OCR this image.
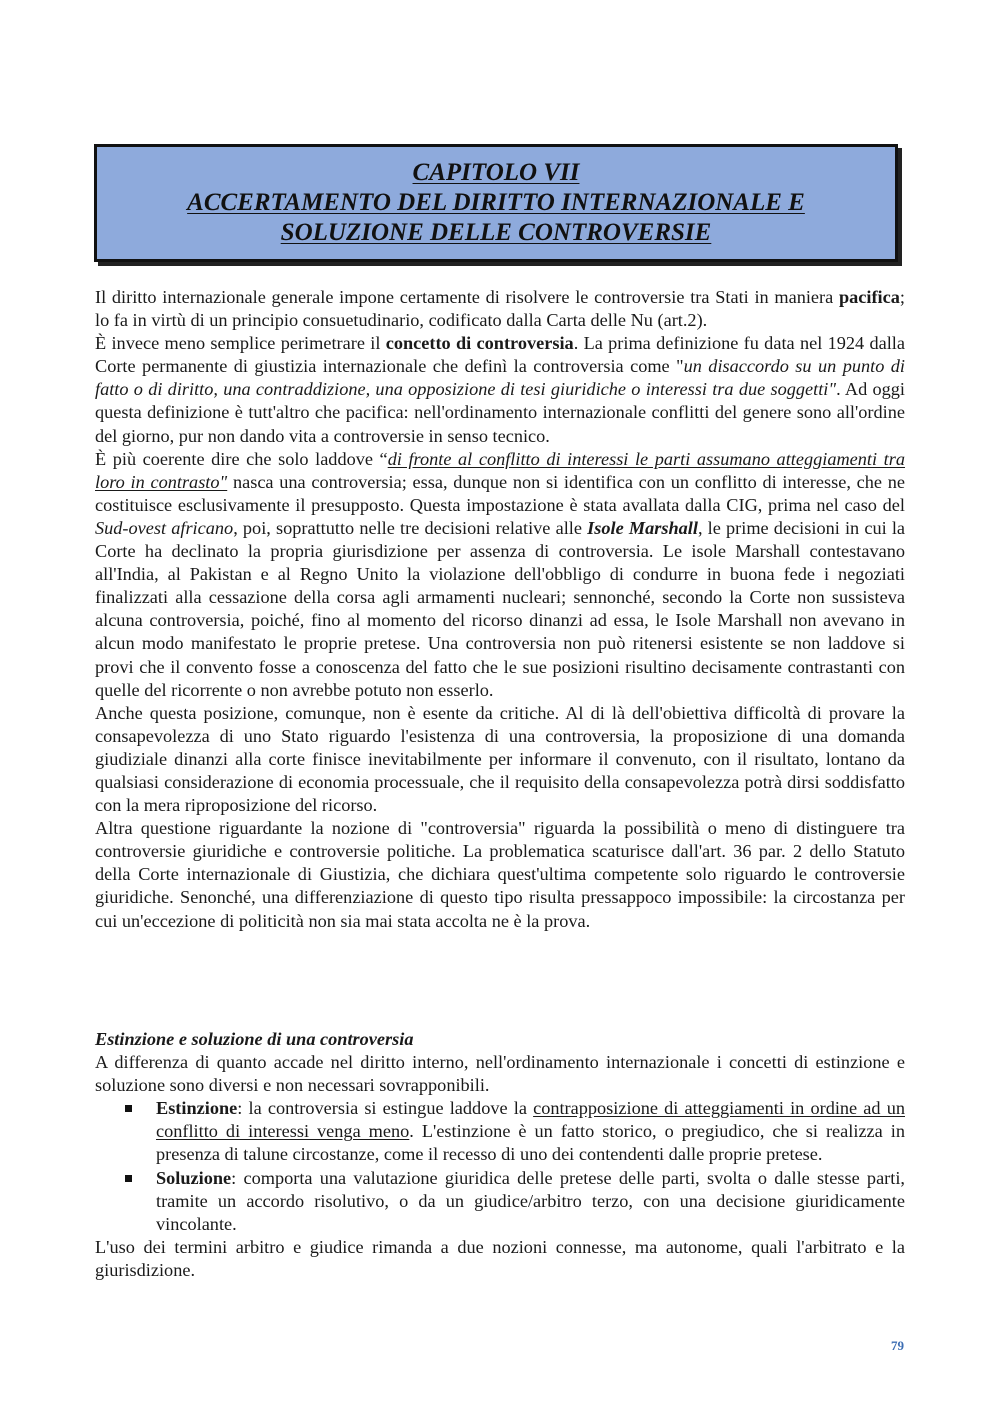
CAPITOLO VII
ACCERTAMENTO DEL DIRITTO INTERNAZIONALE E
SOLUZIONE DELLE CONTROVERSIE

Il diritto internazionale generale impone certamente di risolvere le controversie tra Stati in maniera pacifica; lo fa in virtù di un principio consuetudinario, codificato dalla Carta delle Nu (art.2).

È invece meno semplice perimetrare il concetto di controversia. La prima definizione fu data nel 1924 dalla Corte permanente di giustizia internazionale che definì la controversia come "un disaccordo su un punto di fatto o di diritto, una contraddizione, una opposizione di tesi giuridiche o interessi tra due soggetti". Ad oggi questa definizione è tutt'altro che pacifica: nell'ordinamento internazionale conflitti del genere sono all'ordine del giorno, pur non dando vita a controversie in senso tecnico.

È più coerente dire che solo laddove “di fronte al conflitto di interessi le parti assumano atteggiamenti tra loro in contrasto" nasca una controversia; essa, dunque non si identifica con un conflitto di interesse, che ne costituisce esclusivamente il presupposto. Questa impostazione è stata avallata dalla CIG, prima nel caso del Sud-ovest africano, poi, soprattutto nelle tre decisioni relative alle Isole Marshall, le prime decisioni in cui la Corte ha declinato la propria giurisdizione per assenza di controversia. Le isole Marshall contestavano all'India, al Pakistan e al Regno Unito la violazione dell'obbligo di condurre in buona fede i negoziati finalizzati alla cessazione della corsa agli armamenti nucleari; sennonché, secondo la Corte non sussisteva alcuna controversia, poiché, fino al momento del ricorso dinanzi ad essa, le Isole Marshall non avevano in alcun modo manifestato le proprie pretese. Una controversia non può ritenersi esistente se non laddove si provi che il convento fosse a conoscenza del fatto che le sue posizioni risultino decisamente contrastanti con quelle del ricorrente o non avrebbe potuto non esserlo.

Anche questa posizione, comunque, non è esente da critiche. Al di là dell'obiettiva difficoltà di provare la consapevolezza di uno Stato riguardo l'esistenza di una controversia, la proposizione di una domanda giudiziale dinanzi alla corte finisce inevitabilmente per informare il convenuto, con il risultato, lontano da qualsiasi considerazione di economia processuale, che il requisito della consapevolezza potrà dirsi soddisfatto con la mera riproposizione del ricorso.

Altra questione riguardante la nozione di "controversia" riguarda la possibilità o meno di distinguere tra controversie giuridiche e controversie politiche. La problematica scaturisce dall'art. 36 par. 2 dello Statuto della Corte internazionale di Giustizia, che dichiara quest'ultima competente solo riguardo le controversie giuridiche. Senonché, una differenziazione di questo tipo risulta pressappoco impossibile: la circostanza per cui un'eccezione di politicità non sia mai stata accolta ne è la prova.

Estinzione e soluzione di una controversia

A differenza di quanto accade nel diritto interno, nell'ordinamento internazionale i concetti di estinzione e soluzione sono diversi e non necessari sovrapponibili.

Estinzione: la controversia si estingue laddove la contrapposizione di atteggiamenti in ordine ad un conflitto di interessi venga meno. L'estinzione è un fatto storico, o pregiudico, che si realizza in presenza di talune circostanze, come il recesso di uno dei contendenti dalle proprie pretese.
Soluzione: comporta una valutazione giuridica delle pretese delle parti, svolta o dalle stesse parti, tramite un accordo risolutivo, o da un giudice/arbitro terzo, con una decisione giuridicamente vincolante.

L'uso dei termini arbitro e giudice rimanda a due nozioni connesse, ma autonome, quali l'arbitrato e la giurisdizione.

79
